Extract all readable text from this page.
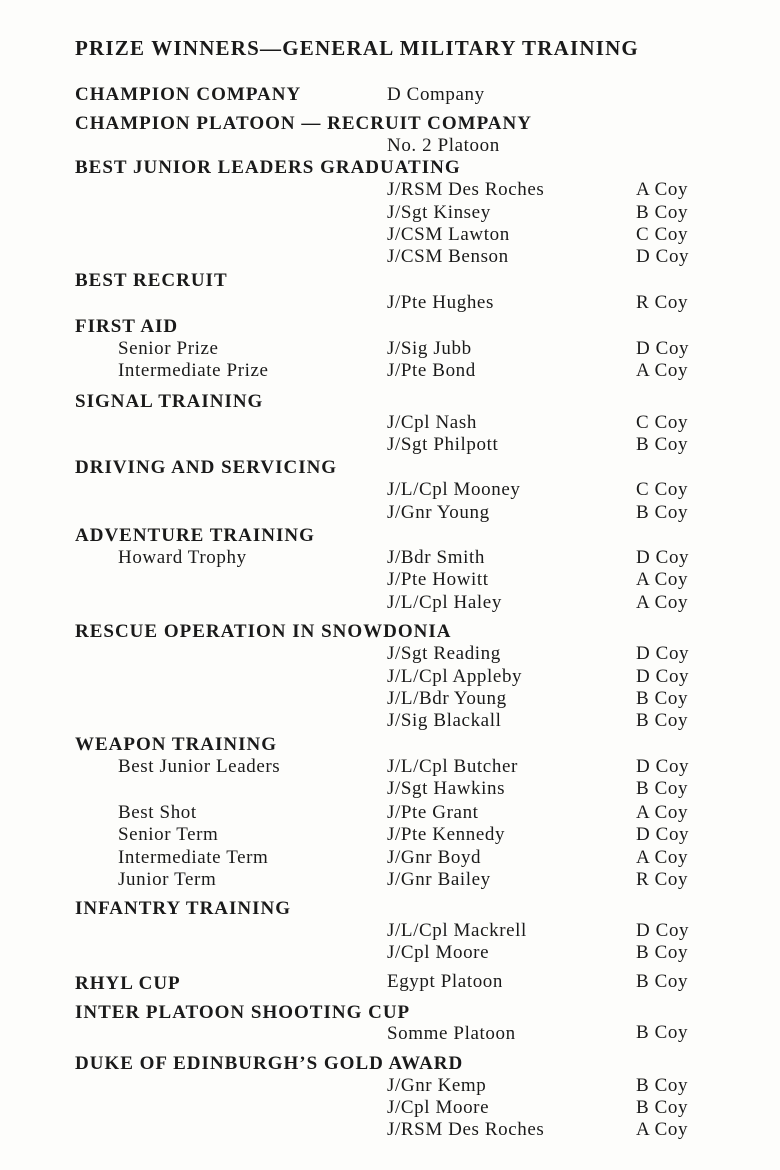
PRIZE WINNERS—GENERAL MILITARY TRAINING
CHAMPION COMPANY	D Company
CHAMPION PLATOON — RECRUIT COMPANY
No. 2 Platoon
BEST JUNIOR LEADERS GRADUATING
J/RSM Des Roches	A Coy
J/Sgt Kinsey	B Coy
J/CSM Lawton	C Coy
J/CSM Benson	D Coy
BEST RECRUIT
J/Pte Hughes	R Coy
FIRST AID
Senior Prize	J/Sig Jubb	D Coy
Intermediate Prize	J/Pte Bond	A Coy
SIGNAL TRAINING
J/Cpl Nash	C Coy
J/Sgt Philpott	B Coy
DRIVING AND SERVICING
J/L/Cpl Mooney	C Coy
J/Gnr Young	B Coy
ADVENTURE TRAINING
Howard Trophy	J/Bdr Smith	D Coy
J/Pte Howitt	A Coy
J/L/Cpl Haley	A Coy
RESCUE OPERATION IN SNOWDONIA
J/Sgt Reading	D Coy
J/L/Cpl Appleby	D Coy
J/L/Bdr Young	B Coy
J/Sig Blackall	B Coy
WEAPON TRAINING
Best Junior Leaders	J/L/Cpl Butcher	D Coy
J/Sgt Hawkins	B Coy
Best Shot	J/Pte Grant	A Coy
Senior Term	J/Pte Kennedy	D Coy
Intermediate Term	J/Gnr Boyd	A Coy
Junior Term	J/Gnr Bailey	R Coy
INFANTRY TRAINING
J/L/Cpl Mackrell	D Coy
J/Cpl Moore	B Coy
RHYL CUP	Egypt Platoon	B Coy
INTER PLATOON SHOOTING CUP
Somme Platoon	B Coy
DUKE OF EDINBURGH’S GOLD AWARD
J/Gnr Kemp	B Coy
J/Cpl Moore	B Coy
J/RSM Des Roches	A Coy
